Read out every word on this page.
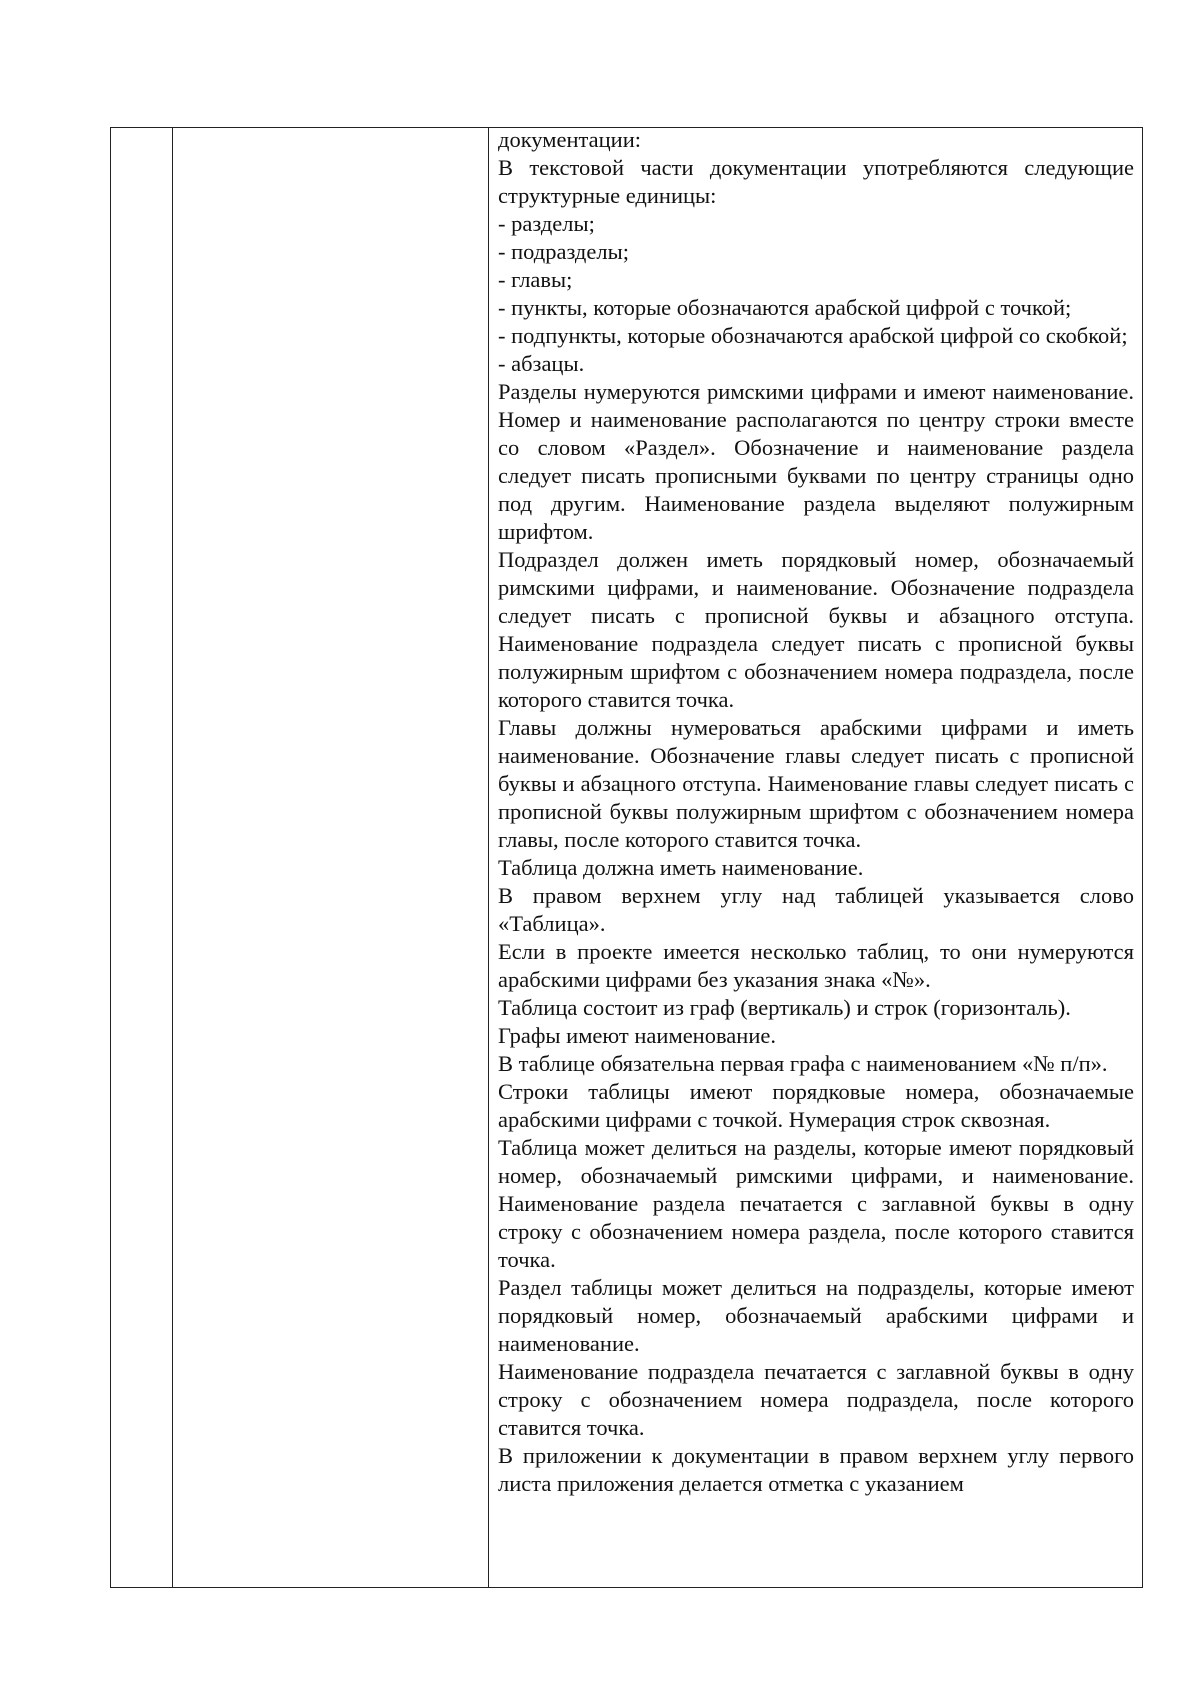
документации:

В текстовой части документации употребляются следующие структурные единицы:

- разделы;

- подразделы;

- главы;

- пункты, которые обозначаются арабской цифрой с точкой;

- подпункты, которые обозначаются арабской цифрой со скобкой;

- абзацы.

Разделы нумеруются римскими цифрами и имеют наименование. Номер и наименование располагаются по центру строки вместе со словом «Раздел». Обозначение и наименование раздела следует писать прописными буквами по центру страницы одно под другим. Наименование раздела выделяют полужирным шрифтом.

Подраздел должен иметь порядковый номер, обозначаемый римскими цифрами, и наименование. Обозначение подраздела следует писать с прописной буквы и абзацного отступа. Наименование подраздела следует писать с прописной буквы полужирным шрифтом с обозначением номера подраздела, после которого ставится точка.

Главы должны нумероваться арабскими цифрами и иметь наименование. Обозначение главы следует писать с прописной буквы и абзацного отступа. Наименование главы следует писать с прописной буквы полужирным шрифтом с обозначением номера главы, после которого ставится точка.

Таблица должна иметь наименование.

В правом верхнем углу над таблицей указывается слово «Таблица».

Если в проекте имеется несколько таблиц, то они нумеруются арабскими цифрами без указания знака «№».

Таблица состоит из граф (вертикаль) и строк (горизонталь).

Графы имеют наименование.

В таблице обязательна первая графа с наименованием «№ п/п».

Строки таблицы имеют порядковые номера, обозначаемые арабскими цифрами с точкой. Нумерация строк сквозная.

Таблица может делиться на разделы, которые имеют порядковый номер, обозначаемый римскими цифрами, и наименование. Наименование раздела печатается с заглавной буквы в одну строку с обозначением номера раздела, после которого ставится точка.

Раздел таблицы может делиться на подразделы, которые имеют порядковый номер, обозначаемый арабскими цифрами и наименование.

Наименование подраздела печатается с заглавной буквы в одну строку с обозначением номера подраздела, после которого ставится точка.

В приложении к документации в правом верхнем углу первого листа приложения делается отметка с указанием
